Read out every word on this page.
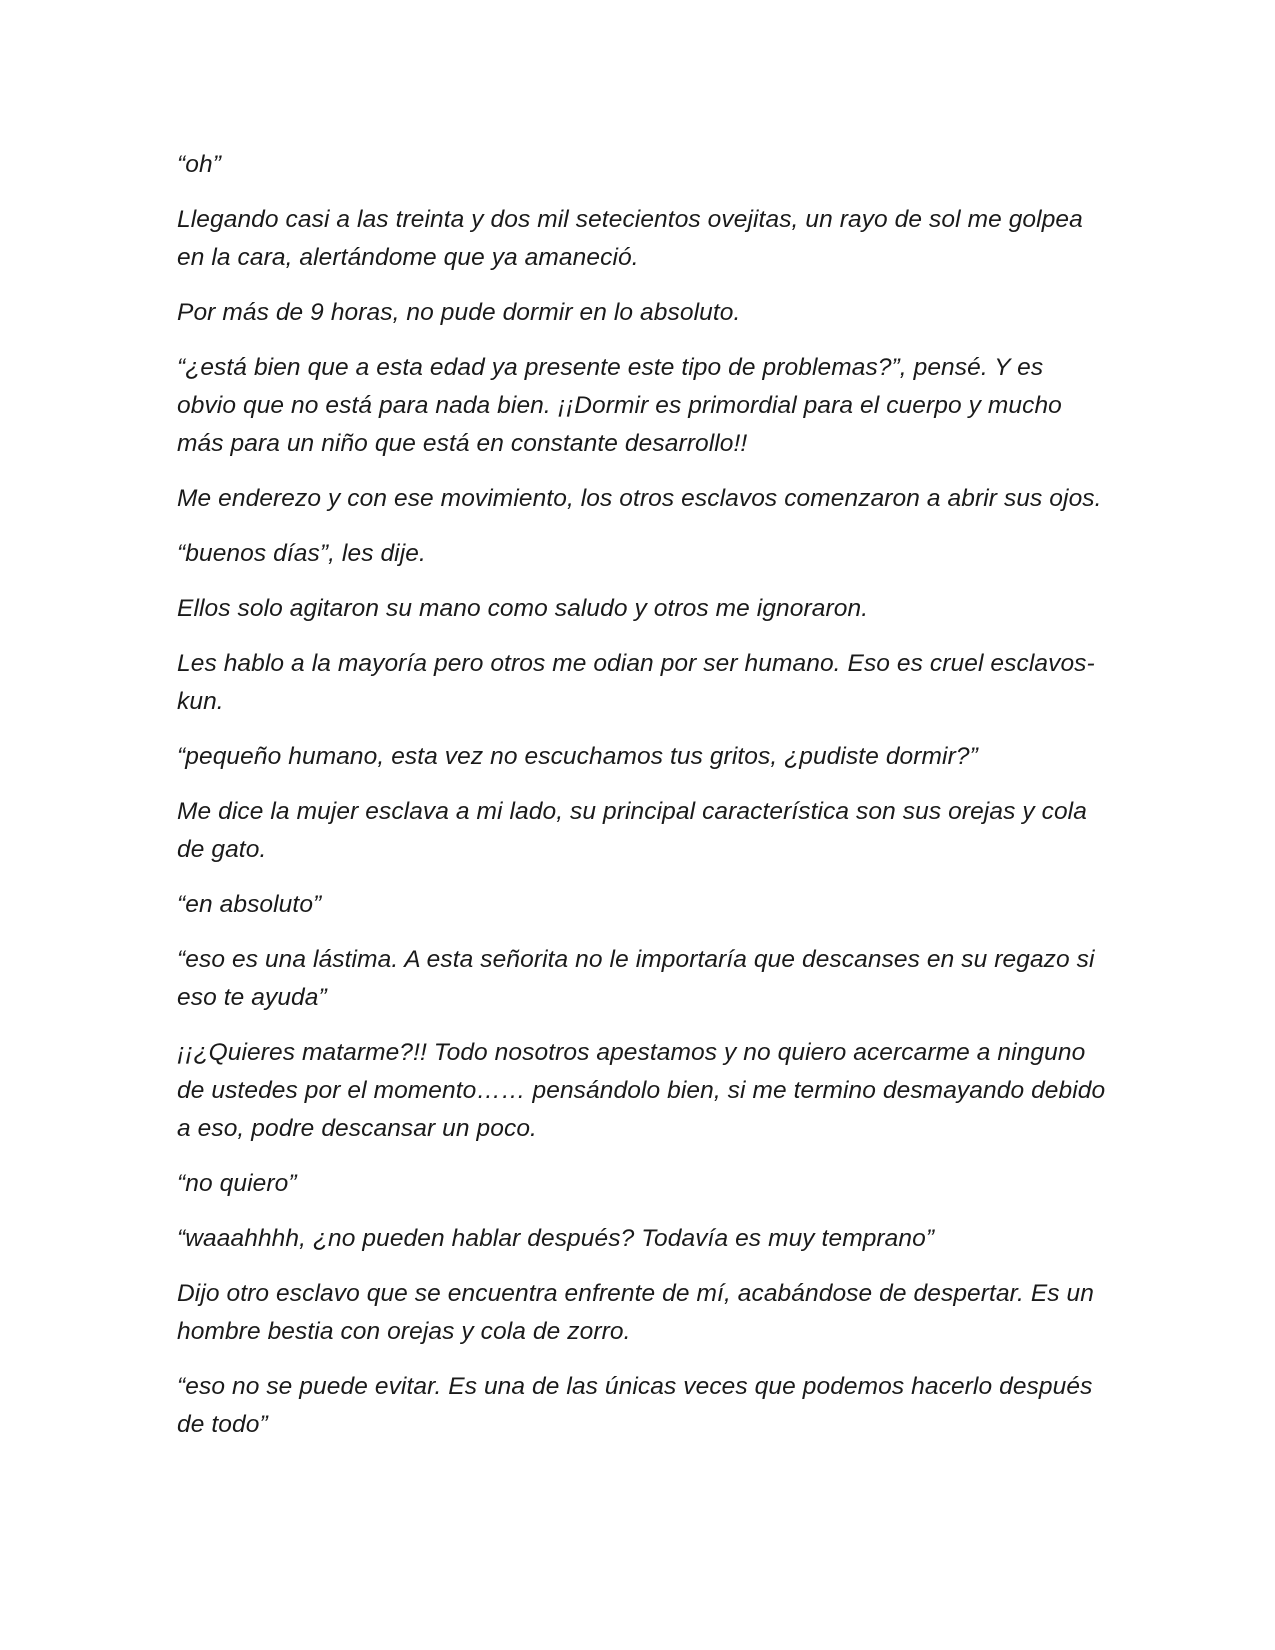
“oh”

Llegando casi a las treinta y dos mil setecientos ovejitas, un rayo de sol me golpea en la cara, alertándome que ya amaneció.

Por más de 9 horas, no pude dormir en lo absoluto.

“¿está bien que a esta edad ya presente este tipo de problemas?”, pensé. Y es obvio que no está para nada bien. ¡¡Dormir es primordial para el cuerpo y mucho más para un niño que está en constante desarrollo!!

Me enderezo y con ese movimiento, los otros esclavos comenzaron a abrir sus ojos.

“buenos días”, les dije.

Ellos solo agitaron su mano como saludo y otros me ignoraron.

Les hablo a la mayoría pero otros me odian por ser humano. Eso es cruel esclavos-kun.

“pequeño humano, esta vez no escuchamos tus gritos, ¿pudiste dormir?”

Me dice la mujer esclava a mi lado, su principal característica son sus orejas y cola de gato.

“en absoluto”

“eso es una lástima. A esta señorita no le importaría que descanses en su regazo si eso te ayuda”

¡¡¿Quieres matarme?!! Todo nosotros apestamos y no quiero acercarme a ninguno de ustedes por el momento…… pensándolo bien, si me termino desmayando debido a eso, podre descansar un poco.

“no quiero”

“waaahhhh, ¿no pueden hablar después? Todavía es muy temprano”

Dijo otro esclavo que se encuentra enfrente de mí, acabándose de despertar. Es un hombre bestia con orejas y cola de zorro.

“eso no se puede evitar. Es una de las únicas veces que podemos hacerlo después de todo”
